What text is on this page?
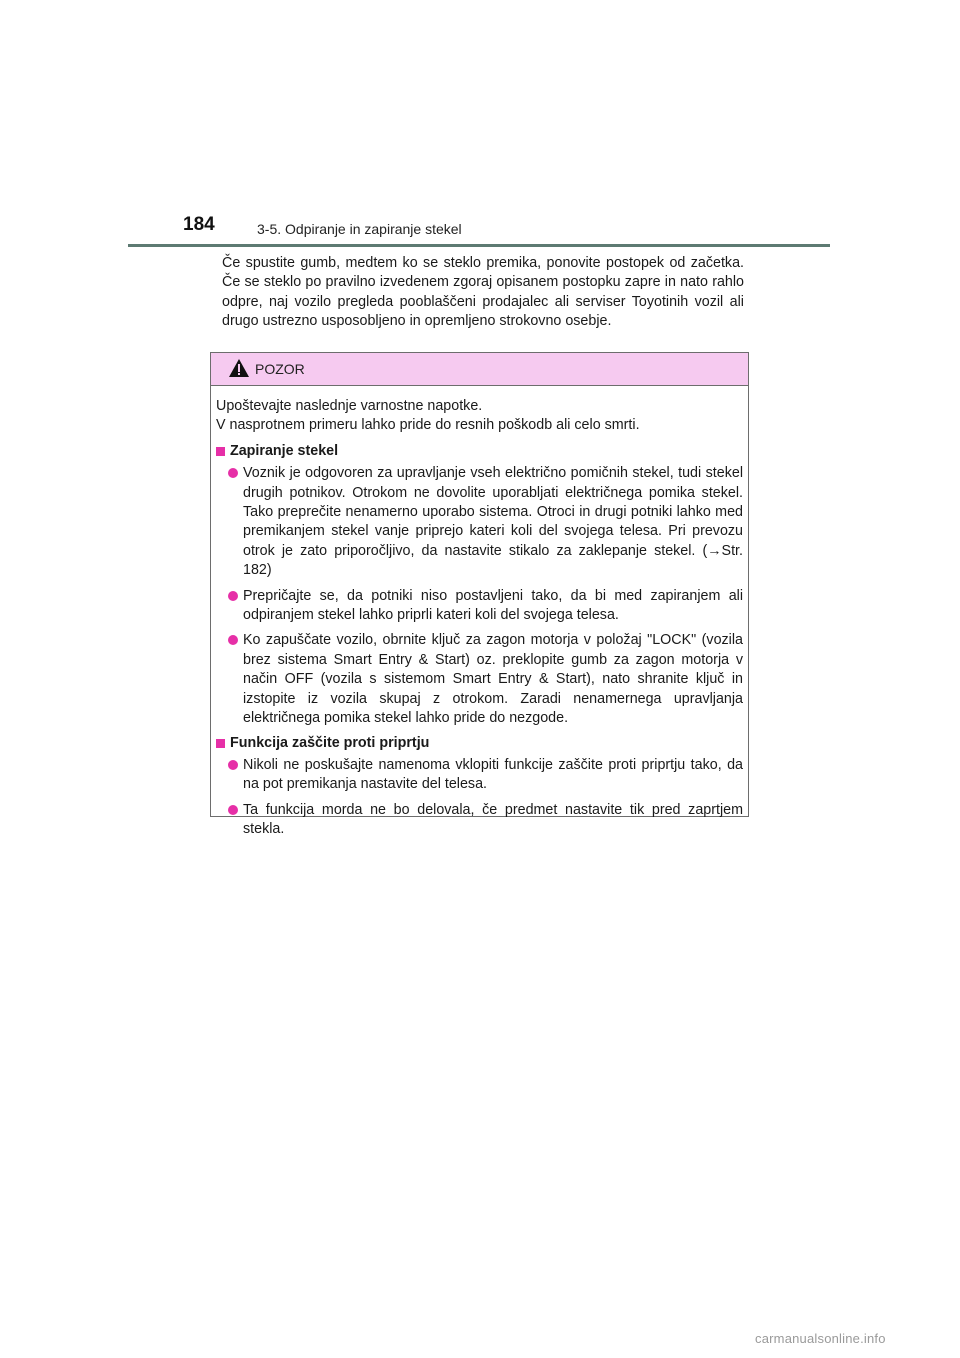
184	3-5. Odpiranje in zapiranje stekel

Če spustite gumb, medtem ko se steklo premika, ponovite postopek od začetka. Če se steklo po pravilno izvedenem zgoraj opisanem postopku zapre in nato rahlo odpre, naj vozilo pregleda pooblaščeni prodajalec ali serviser Toyotinih vozil ali drugo ustrezno usposobljeno in opremljeno strokovno osebje.

POZOR

Upoštevajte naslednje varnostne napotke.

V nasprotnem primeru lahko pride do resnih poškodb ali celo smrti.

Zapiranje stekel
Voznik je odgovoren za upravljanje vseh električno pomičnih stekel, tudi stekel drugih potnikov. Otrokom ne dovolite uporabljati električnega pomika stekel. Tako preprečite nenamerno uporabo sistema. Otroci in drugi potniki lahko med premikanjem stekel vanje priprejo kateri koli del svojega telesa. Pri prevozu otrok je zato priporočljivo, da nastavite stikalo za zaklepanje stekel. (→Str. 182)
Prepričajte se, da potniki niso postavljeni tako, da bi med zapiranjem ali odpiranjem stekel lahko priprli kateri koli del svojega telesa.
Ko zapuščate vozilo, obrnite ključ za zagon motorja v položaj "LOCK" (vozila brez sistema Smart Entry & Start) oz. preklopite gumb za zagon motorja v način OFF (vozila s sistemom Smart Entry & Start), nato shranite ključ in izstopite iz vozila skupaj z otrokom. Zaradi nenamernega upravljanja električnega pomika stekel lahko pride do nezgode.
Funkcija zaščite proti priprtju
Nikoli ne poskušajte namenoma vklopiti funkcije zaščite proti priprtju tako, da na pot premikanja nastavite del telesa.
Ta funkcija morda ne bo delovala, če predmet nastavite tik pred zaprtjem stekla.
carmanualsonline.info
